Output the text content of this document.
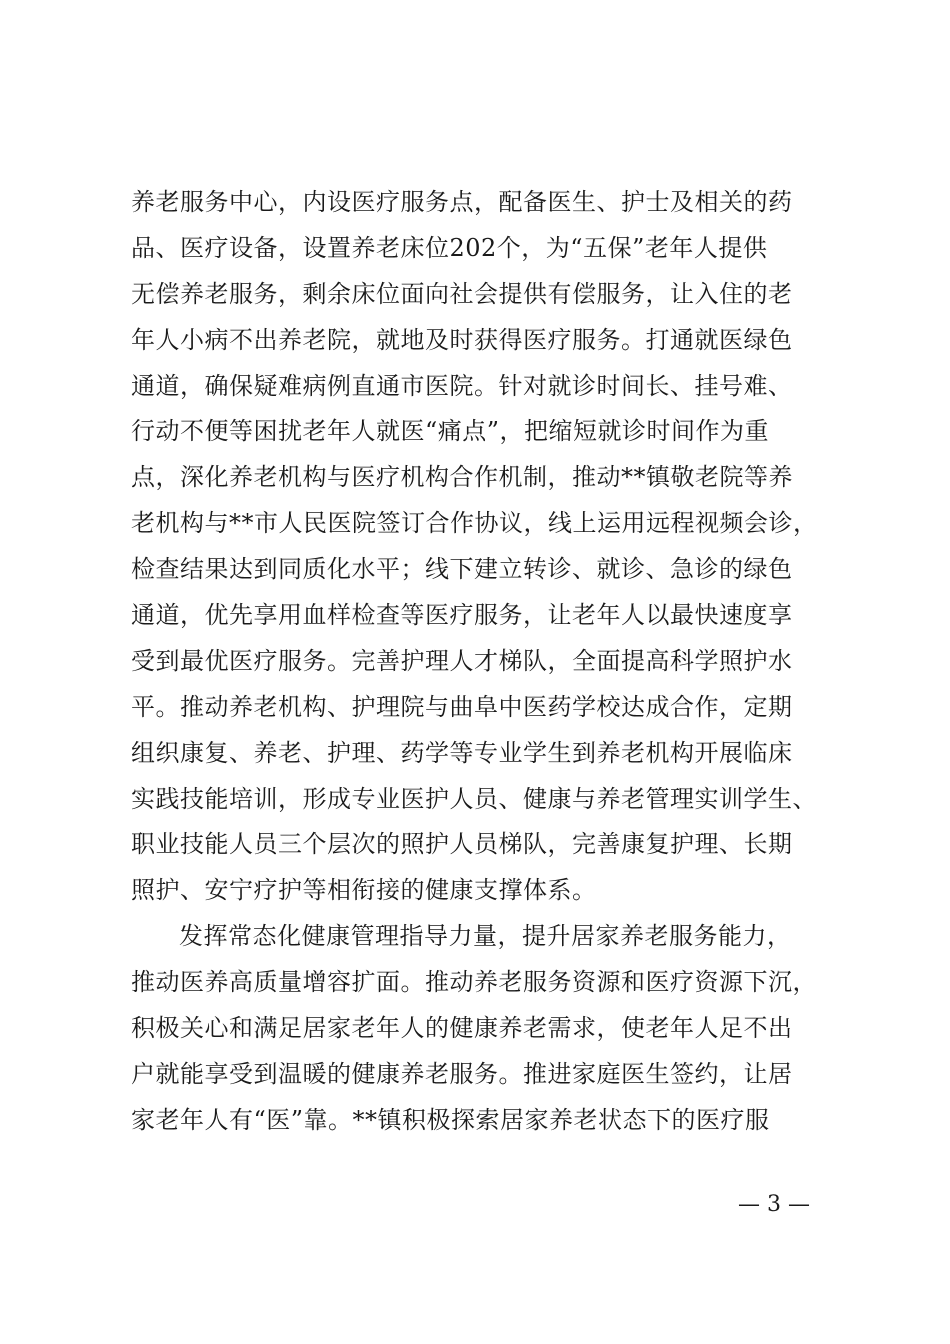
养老服务中心，内设医疗服务点，配备医生、护士及相关的药
品、医疗设备，设置养老床位202个，为“五保”老年人提供
无偿养老服务，剩余床位面向社会提供有偿服务，让入住的老
年人小病不出养老院，就地及时获得医疗服务。打通就医绿色
通道，确保疑难病例直通市医院。针对就诊时间长、挂号难、
行动不便等困扰老年人就医“痛点”，把缩短就诊时间作为重
点，深化养老机构与医疗机构合作机制，推动**镇敬老院等养
老机构与**市人民医院签订合作协议，线上运用远程视频会诊，
检查结果达到同质化水平；线下建立转诊、就诊、急诊的绿色
通道，优先享用血样检查等医疗服务，让老年人以最快速度享
受到最优医疗服务。完善护理人才梯队，全面提高科学照护水
平。推动养老机构、护理院与曲阜中医药学校达成合作，定期
组织康复、养老、护理、药学等专业学生到养老机构开展临床
实践技能培训，形成专业医护人员、健康与养老管理实训学生、
职业技能人员三个层次的照护人员梯队，完善康复护理、长期
照护、安宁疗护等相衔接的健康支撑体系。
发挥常态化健康管理指导力量，提升居家养老服务能力，
推动医养高质量增容扩面。推动养老服务资源和医疗资源下沉，
积极关心和满足居家老年人的健康养老需求，使老年人足不出
户就能享受到温暖的健康养老服务。推进家庭医生签约，让居
家老年人有“医”靠。**镇积极探索居家养老状态下的医疗服
— 3 —
